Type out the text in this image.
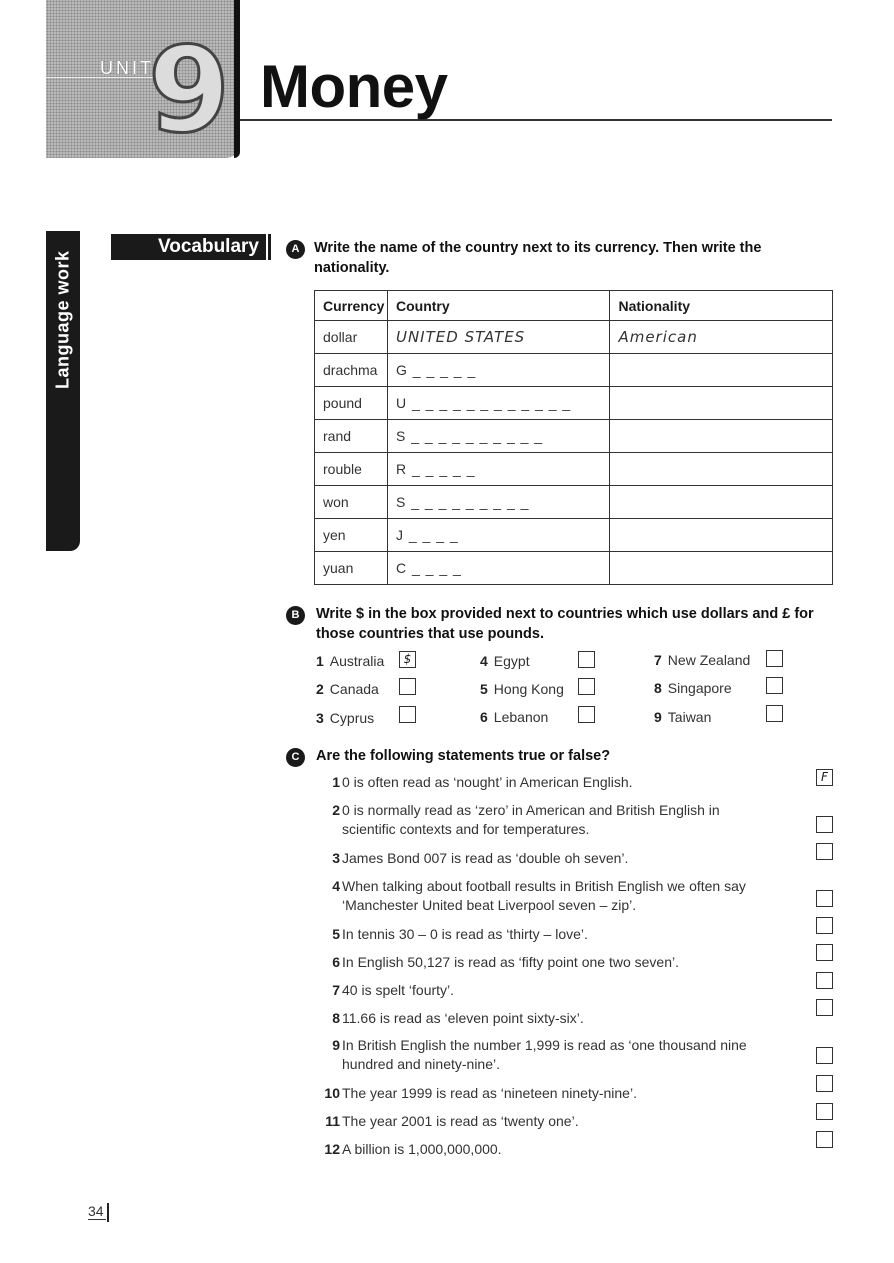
UNIT
9 Money
Language work
Vocabulary	A	Write the name of the country next to its currency. Then write the nationality.

Currency	Country	Nationality
dollar	UNITED STATES	American
drachma	G _ _ _ _ _	
pound	U _ _ _ _ _ _ _ _ _ _ _ _	
rand	S _ _ _ _ _ _ _ _ _ _	
rouble	R _ _ _ _ _	
won	S _ _ _ _ _ _ _ _ _	
yen	J _ _ _ _	
yuan	C _ _ _ _	
B	Write $ in the box provided next to countries which use dollars and £ for those countries that use pounds.

1 Australia	$
2 Canada
3 Cyprus
4 Egypt
5 Hong Kong
6 Lebanon
7 New Zealand
8 Singapore
9 Taiwan
C	Are the following statements true or false?

1 0 is often read as ‘nought’ in American English.	F
2 0 is normally read as ‘zero’ in American and British English in scientific contexts and for temperatures.
3 James Bond 007 is read as ‘double oh seven’.
4 When talking about football results in British English we often say ‘Manchester United beat Liverpool seven – zip’.
5 In tennis 30 – 0 is read as ‘thirty – love’.
6 In English 50,127 is read as ‘fifty point one two seven’.
7 40 is spelt ‘fourty’.
8 11.66 is read as ‘eleven point sixty-six’.
9 In British English the number 1,999 is read as ‘one thousand nine hundred and ninety-nine’.
10 The year 1999 is read as ‘nineteen ninety-nine’.
11 The year 2001 is read as ‘twenty one’.
12 A billion is 1,000,000,000.
34
